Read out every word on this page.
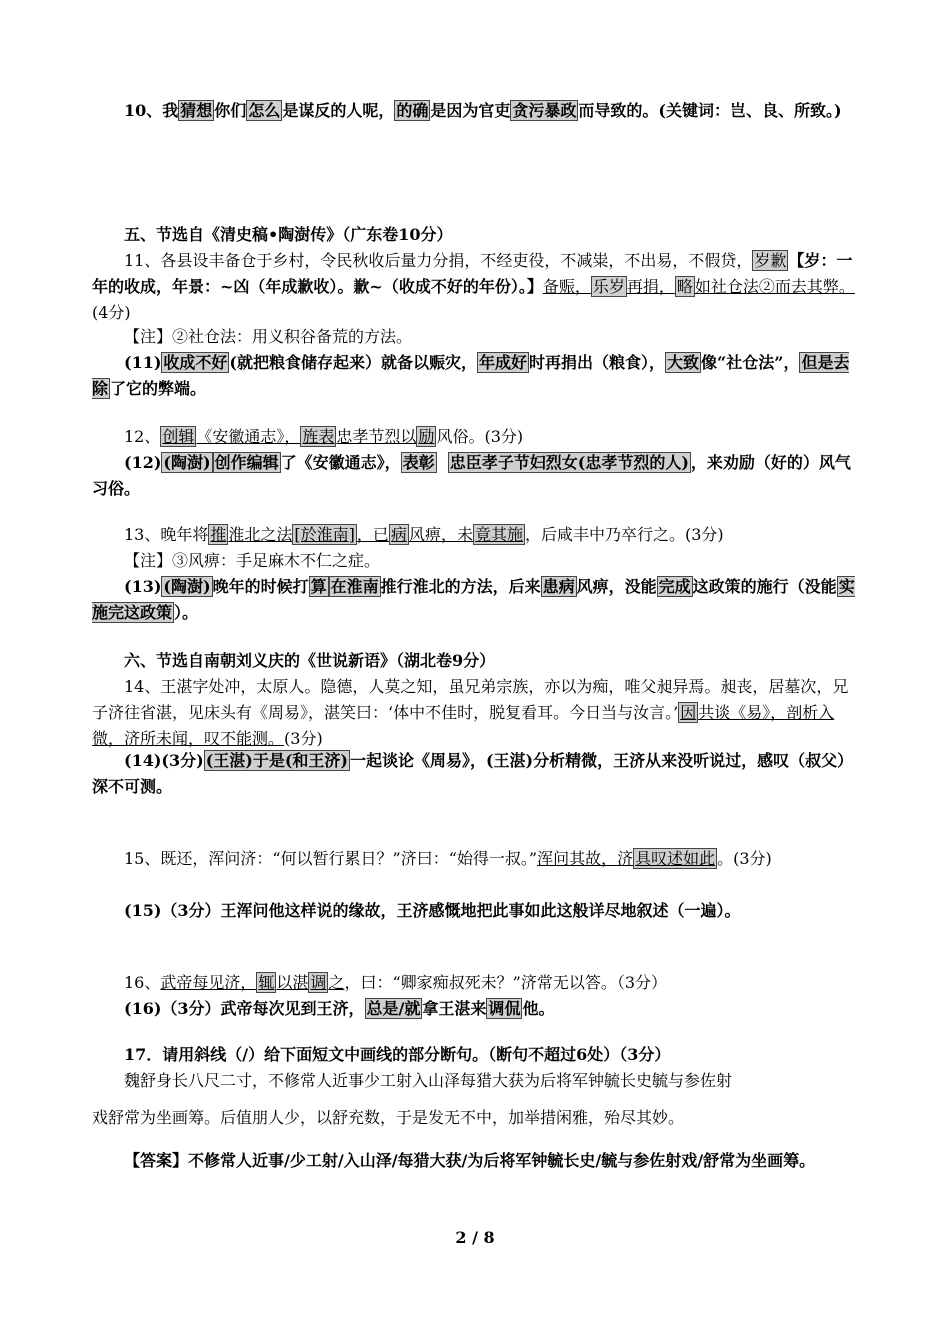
10、我 猜想 你们 怎么 是谋反的人呢， 的确 是因为官吏 贪污暴政 而导致的。(关键词：岂、良、所致。)
五、节选自《清史稿•陶澍传》（广东卷10分）
11、各县设丰备仓于乡村，令民秋收后量力分捐，不经吏役，不减粜，不出易，不假贷， 岁歉 【岁：一年的收成，年景：~凶（年成歉收）。歉~（收成不好的年份）。】备赈， 乐岁 再捐， 略 如社仓法②而去其弊。(4分)
【注】②社仓法：用义积谷备荒的方法。
(11) 收成不好 (就把粮食储存起来）就备以赈灾， 年成好 时再捐出（粮食）， 大致 像“社仓法”， 但是去除 了它的弊端。
12、 创辑 《安徽通志》， 旌表 忠孝节烈以 励 风俗。(3分)
(12) (陶澍) 创作编辑 了《安徽通志》， 表彰 忠臣孝子节妇烈女(忠孝节烈的人) ，来劝励（好的）风气习俗。
13、晚年将 推 淮北之法 [於淮南] ，已 病 风痹，未 竟其施 ，后咸丰中乃卒行之。(3分)
【注】③风痹：手足麻木不仁之症。
(13) (陶澍) 晚年的时候打 算 在淮南 推行淮北的方法，后来 患病 风痹，没能 完成 这政策的施行（没能 实施完这政策 ）。
六、节选自南朝刘义庆的《世说新语》（湖北卷9分）
14、王湛字处冲，太原人。隐德，人莫之知，虽兄弟宗族，亦以为痴，唯父昶异焉。昶丧，居墓次，兄子济往省湛，见床头有《周易》，湛笑曰：‘体中不佳时，脱复看耳。今日当与汝言。’ 因 共谈《易》，剖析入微，济所未闻，叹不能测。(3分)
(14)(3分) (王湛)于是(和王济) 一起谈论《周易》，(王湛)分析精微，王济从来没听说过，感叹（叔父）深不可测。
15、既还，浑问济：“何以暂行累日？”济曰：“始得一叔。”浑问其故，济 具叹述如此 。(3分)
(15)（3分）王浑问他这样说的缘故，王济感慨地把此事如此这般详尽地叙述（一遍）。
16、武帝每见济， 辄 以湛 调 之，曰：“卿家痴叔死未？”济常无以答。（3分）
(16)（3分）武帝每次见到王济， 总是/就 拿王湛来 调侃 他。
17．请用斜线（/）给下面短文中画线的部分断句。（断句不超过6处）（3分）
魏舒身长八尺二寸，不修常人近事少工射入山泽每猎大获为后将军钟毓长史毓与参佐射
戏舒常为坐画筹。后值朋人少，以舒充数，于是发无不中，加举措闲雅，殆尽其妙。
【答案】不修常人近事/少工射/入山泽/每猎大获/为后将军钟毓长史/毓与参佐射戏/舒常为坐画筹。
2 / 8
